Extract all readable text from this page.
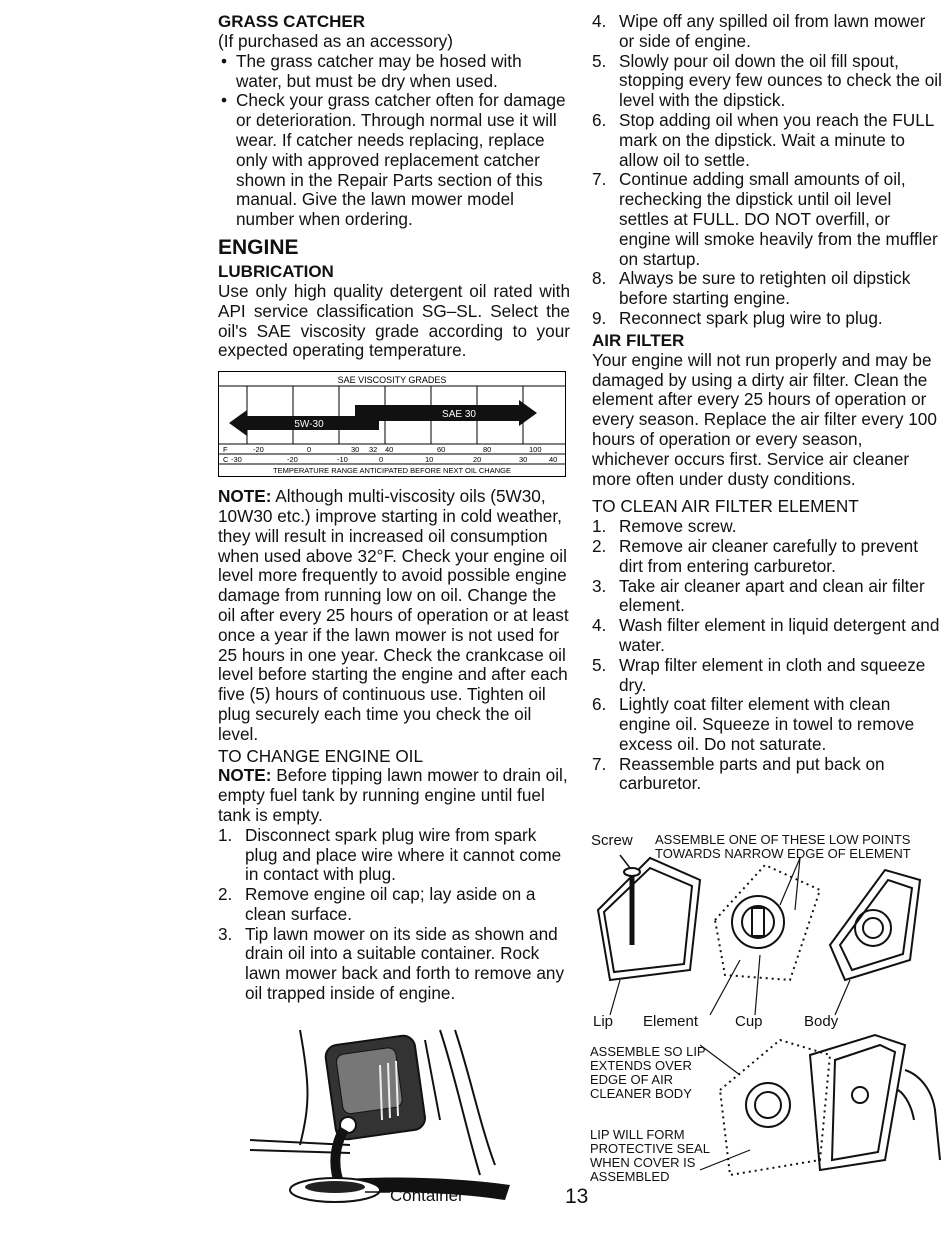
GRASS CATCHER

(If purchased as an accessory)

• The grass catcher may be hosed with water, but must be dry when used.
• Check your grass catcher often for damage or deterioration. Through normal use it will wear. If catcher needs replacing, replace only with approved replacement catcher shown in the Repair Parts section of this manual. Give the lawn mower model number when ordering.

ENGINE

LUBRICATION

Use only high quality detergent oil rated with API service classification SG–SL. Select the oil's SAE viscosity grade according to your expected operating temperature.

SAE VISCOSITY GRADES
SAE 30
5W-30
F	-20	0	30 32 40	60	80	100
C -30	-20	-10	0	10	20	30	40
TEMPERATURE RANGE ANTICIPATED BEFORE NEXT OIL CHANGE

NOTE: Although multi-viscosity oils (5W30, 10W30 etc.) improve starting in cold weather, they will result in increased oil consumption when used above 32°F. Check your engine oil level more frequently to avoid possible engine damage from running low on oil. Change the oil after every 25 hours of operation or at least once a year if the lawn mower is not used for 25 hours in one year. Check the crankcase oil level before starting the engine and after each five (5) hours of continuous use. Tighten oil plug securely each time you check the oil level.

TO CHANGE ENGINE OIL

NOTE: Before tipping lawn mower to drain oil, empty fuel tank by running engine until fuel tank is empty.

1. Disconnect spark plug wire from spark plug and place wire where it cannot come in contact with plug.
2. Remove engine oil cap; lay aside on a clean surface.
3. Tip lawn mower on its side as shown and drain oil into a suitable container. Rock lawn mower back and forth to remove any oil trapped inside of engine.
Container
4. Wipe off any spilled oil from lawn mower or side of engine.
5. Slowly pour oil down the oil fill spout, stopping every few ounces to check the oil level with the dipstick.
6. Stop adding oil when you reach the FULL mark on the dipstick. Wait a minute to allow oil to settle.
7. Continue adding small amounts of oil, rechecking the dipstick until oil level settles at FULL. DO NOT overfill, or engine will smoke heavily from the muffler on startup.
8. Always be sure to retighten oil dipstick before starting engine.
9. Reconnect spark plug wire to plug.

AIR FILTER

Your engine will not run properly and may be damaged by using a dirty air filter. Clean the element after every 25 hours of operation or every season. Replace the air filter every 100 hours of operation or every season, whichever occurs first. Service air cleaner more often under dusty conditions.

TO CLEAN AIR FILTER ELEMENT

1. Remove screw.
2. Remove air cleaner carefully to prevent dirt from entering carburetor.
3. Take air cleaner apart and clean air filter element.
4. Wash filter element in liquid detergent and water.
5. Wrap filter element in cloth and squeeze dry.
6. Lightly coat filter element with clean engine oil. Squeeze in towel to remove excess oil. Do not saturate.
7. Reassemble parts and put back on carburetor.
Screw ASSEMBLE ONE OF THESE LOW POINTS TOWARDS NARROW EDGE OF ELEMENT
Lip Element Cup	Body
ASSEMBLE SO LIP EXTENDS OVER EDGE OF AIR CLEANER BODY
LIP WILL FORM PROTECTIVE SEAL WHEN COVER IS ASSEMBLED
13
